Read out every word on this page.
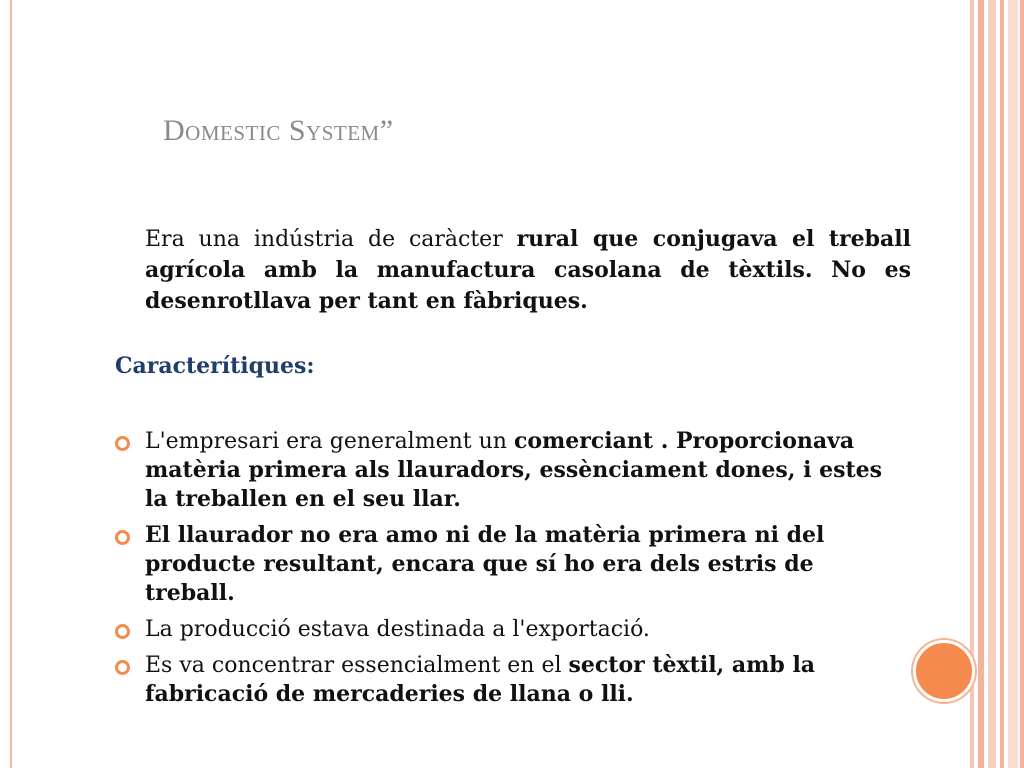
Domestic System”
Era una indústria de caràcter rural que conjugava el treball agrícola amb la manufactura casolana de tèxtils. No es desenrotllava per tant en fàbriques.
Caracterítiques:
L'empresari era generalment un comerciant . Proporcionava matèria primera als llauradors, essènciament dones, i estes la treballen en el seu llar.
El llaurador no era amo ni de la matèria primera ni del producte resultant, encara que sí ho era dels estris de treball.
La producció estava destinada a l'exportació.
Es va concentrar essencialment en el sector tèxtil, amb la fabricació de mercaderies de llana o lli.
